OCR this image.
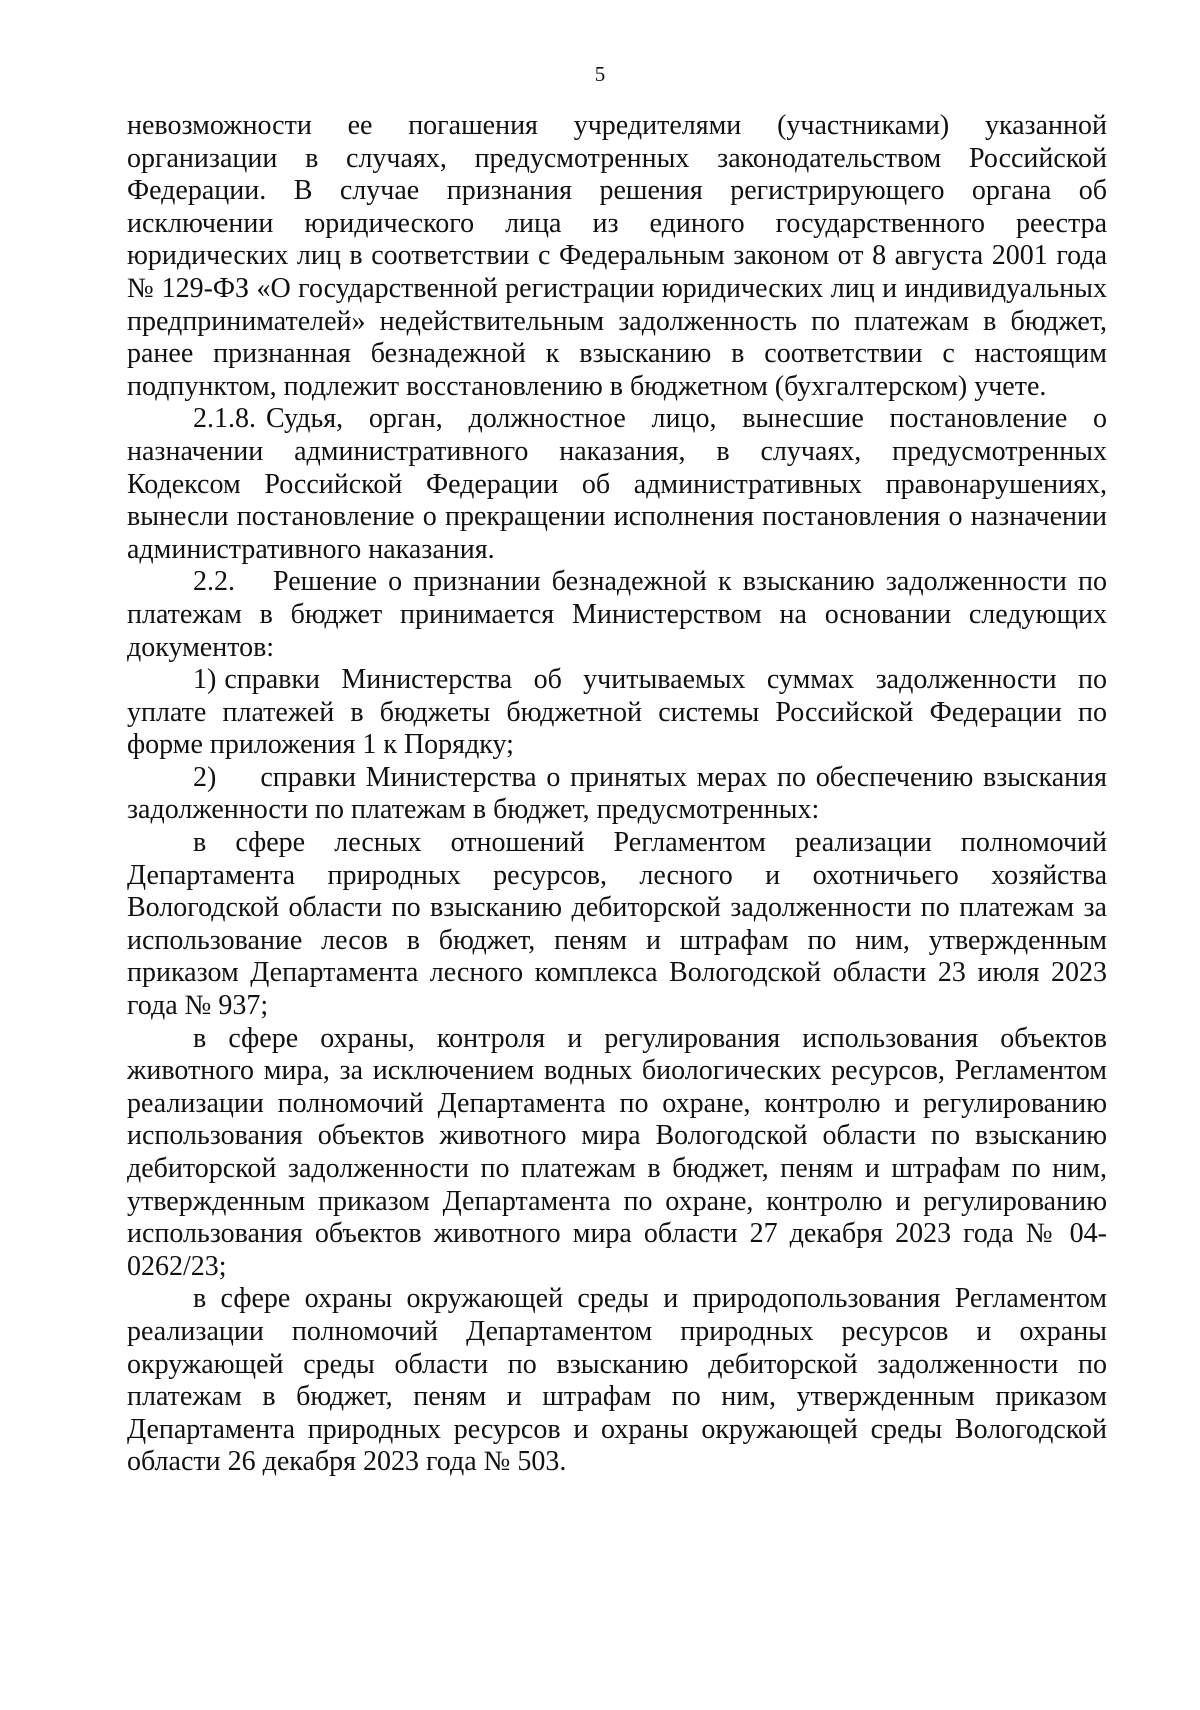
5

невозможности ее погашения учредителями (участниками) указанной организации в случаях, предусмотренных законодательством Российской Федерации. В случае признания решения регистрирующего органа об исключении юридического лица из единого государственного реестра юридических лиц в соответствии с Федеральным законом от 8 августа 2001 года № 129-ФЗ «О государственной регистрации юридических лиц и индивидуальных предпринимателей» недействительным задолженность по платежам в бюджет, ранее признанная безнадежной к взысканию в соответствии с настоящим подпунктом, подлежит восстановлению в бюджетном (бухгалтерском) учете.

2.1.8. Судья, орган, должностное лицо, вынесшие постановление о назначении административного наказания, в случаях, предусмотренных Кодексом Российской Федерации об административных правонарушениях, вынесли постановление о прекращении исполнения постановления о назначении административного наказания.

2.2. Решение о признании безнадежной к взысканию задолженности по платежам в бюджет принимается Министерством на основании следующих документов:

1) справки Министерства об учитываемых суммах задолженности по уплате платежей в бюджеты бюджетной системы Российской Федерации по форме приложения 1 к Порядку;

2) справки Министерства о принятых мерах по обеспечению взыскания задолженности по платежам в бюджет, предусмотренных:

в сфере лесных отношений Регламентом реализации полномочий Департамента природных ресурсов, лесного и охотничьего хозяйства Вологодской области по взысканию дебиторской задолженности по платежам за использование лесов в бюджет, пеням и штрафам по ним, утвержденным приказом Департамента лесного комплекса Вологодской области 23 июля 2023 года № 937;

в сфере охраны, контроля и регулирования использования объектов животного мира, за исключением водных биологических ресурсов, Регламентом реализации полномочий Департамента по охране, контролю и регулированию использования объектов животного мира Вологодской области по взысканию дебиторской задолженности по платежам в бюджет, пеням и штрафам по ним, утвержденным приказом Департамента по охране, контролю и регулированию использования объектов животного мира области 27 декабря 2023 года № 04-0262/23;

в сфере охраны окружающей среды и природопользования Регламентом реализации полномочий Департаментом природных ресурсов и охраны окружающей среды области по взысканию дебиторской задолженности по платежам в бюджет, пеням и штрафам по ним, утвержденным приказом Департамента природных ресурсов и охраны окружающей среды Вологодской области 26 декабря 2023 года № 503.
